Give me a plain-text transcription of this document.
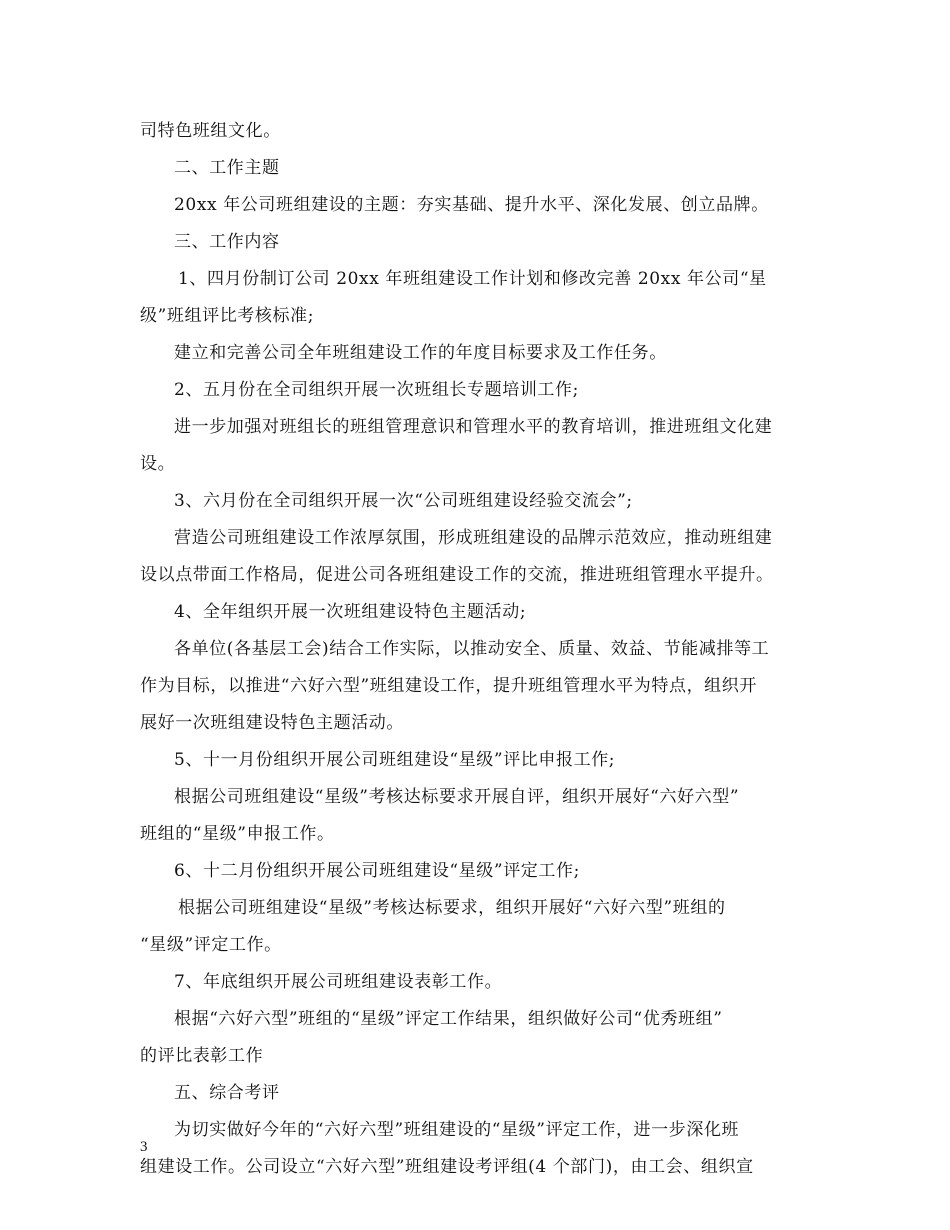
司特色班组文化。
二、工作主题
20xx 年公司班组建设的主题：夯实基础、提升水平、深化发展、创立品牌。
三、工作内容
1、四月份制订公司 20xx 年班组建设工作计划和修改完善 20xx 年公司“星
级”班组评比考核标准;
建立和完善公司全年班组建设工作的年度目标要求及工作任务。
2、五月份在全司组织开展一次班组长专题培训工作;
进一步加强对班组长的班组管理意识和管理水平的教育培训，推进班组文化建
设。
3、六月份在全司组织开展一次“公司班组建设经验交流会”;
营造公司班组建设工作浓厚氛围，形成班组建设的品牌示范效应，推动班组建
设以点带面工作格局，促进公司各班组建设工作的交流，推进班组管理水平提升。
4、全年组织开展一次班组建设特色主题活动;
各单位(各基层工会)结合工作实际，以推动安全、质量、效益、节能减排等工
作为目标，以推进“六好六型”班组建设工作，提升班组管理水平为特点，组织开
展好一次班组建设特色主题活动。
5、十一月份组织开展公司班组建设“星级”评比申报工作;
根据公司班组建设“星级”考核达标要求开展自评，组织开展好“六好六型”
班组的“星级”申报工作。
6、十二月份组织开展公司班组建设“星级”评定工作;
根据公司班组建设“星级”考核达标要求，组织开展好“六好六型”班组的
“星级”评定工作。
7、年底组织开展公司班组建设表彰工作。
根据“六好六型”班组的“星级”评定工作结果，组织做好公司“优秀班组”
的评比表彰工作
五、综合考评
为切实做好今年的“六好六型”班组建设的“星级”评定工作，进一步深化班
组建设工作。公司设立“六好六型”班组建设考评组(4 个部门)，由工会、组织宣
3
